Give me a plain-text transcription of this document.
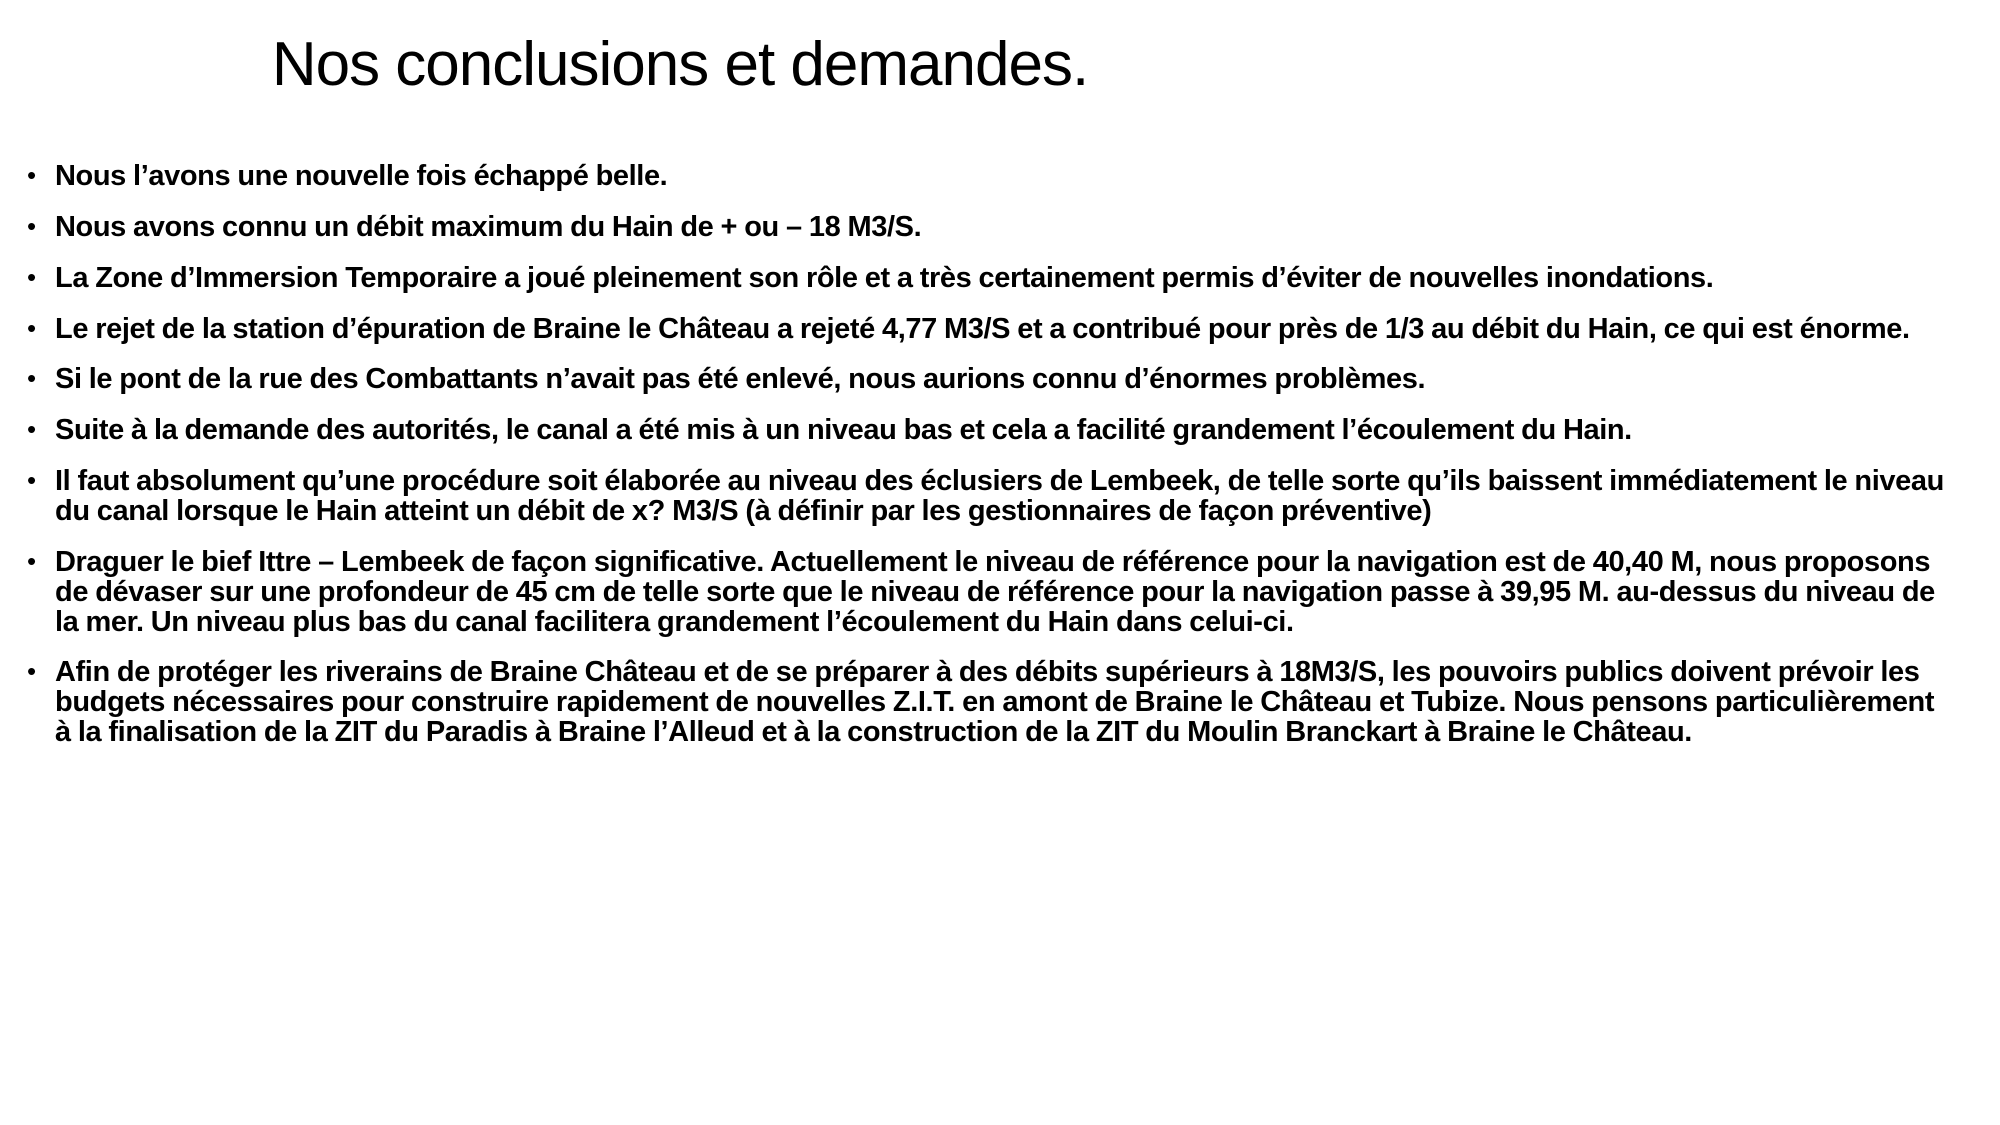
Nos conclusions et demandes.
• Nous l’avons une nouvelle fois échappé belle.
• Nous avons connu un débit maximum du Hain de + ou – 18 M3/S.
• La Zone d’Immersion Temporaire a joué pleinement son rôle et a très certainement permis d’éviter de nouvelles inondations.
• Le rejet de la station d’épuration de Braine le Château a rejeté 4,77 M3/S et a contribué pour près de 1/3 au débit du Hain, ce qui est énorme.
• Si le pont de la rue des Combattants n’avait pas été enlevé, nous aurions connu d’énormes problèmes.
• Suite à la demande des autorités, le canal a été mis à un niveau bas et cela a facilité grandement l’écoulement du Hain.
• Il faut absolument qu’une procédure soit élaborée au niveau des éclusiers de Lembeek, de telle sorte qu’ils baissent immédiatement le niveau du canal lorsque le Hain atteint un débit de x? M3/S (à définir par les gestionnaires de façon préventive)
• Draguer le bief Ittre – Lembeek de façon significative. Actuellement le niveau de référence pour la navigation est de 40,40 M, nous proposons de dévaser sur une profondeur de 45 cm de telle sorte que le niveau de référence pour la navigation passe à 39,95 M. au-dessus du niveau de la mer. Un niveau plus bas du canal facilitera grandement l’écoulement du Hain dans celui-ci.
• Afin de protéger les riverains de Braine Château et de se préparer à des débits supérieurs à 18M3/S, les pouvoirs publics doivent prévoir les budgets nécessaires pour construire rapidement de nouvelles Z.I.T. en amont de Braine le Château et Tubize. Nous pensons particulièrement à la finalisation de la ZIT du Paradis à Braine l’Alleud et à la construction de la ZIT du Moulin Branckart à Braine le Château.
